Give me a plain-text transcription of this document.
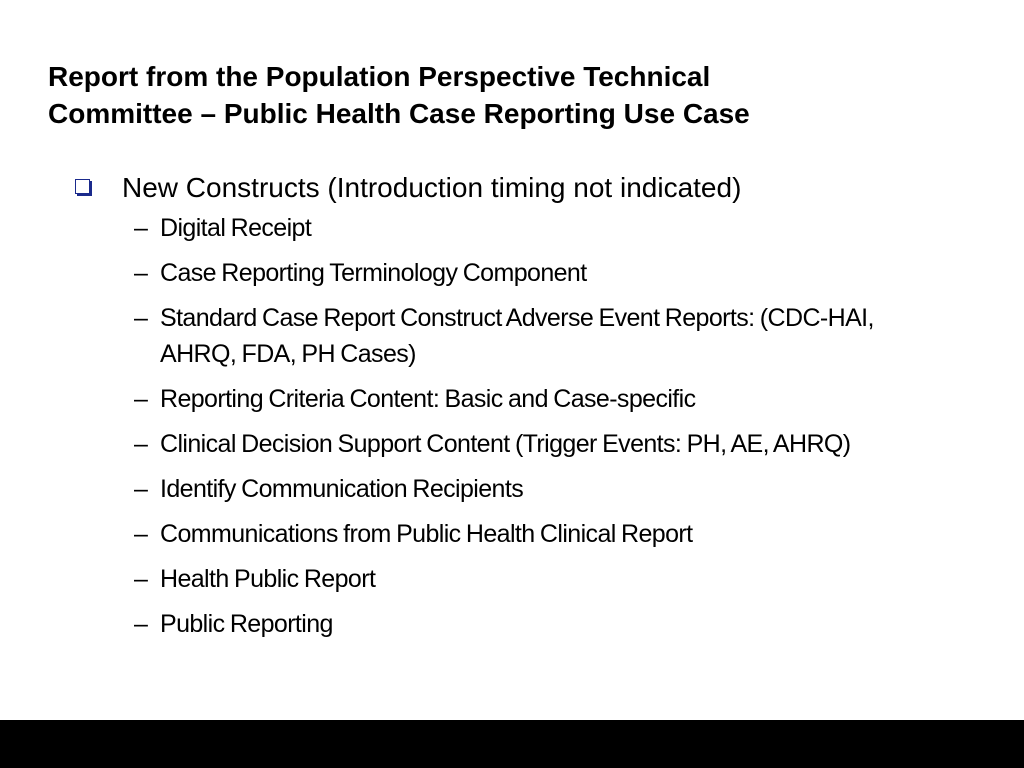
Report from the Population Perspective Technical
Committee – Public Health Case Reporting Use Case
New Constructs (Introduction timing not indicated)
– Digital Receipt
– Case Reporting Terminology Component
– Standard Case Report Construct Adverse Event Reports: (CDC-HAI, AHRQ, FDA, PH Cases)
– Reporting Criteria Content: Basic and Case-specific
– Clinical Decision Support Content (Trigger Events: PH, AE, AHRQ)
– Identify Communication Recipients
– Communications from Public Health Clinical Report
– Health Public Report
– Public Reporting
